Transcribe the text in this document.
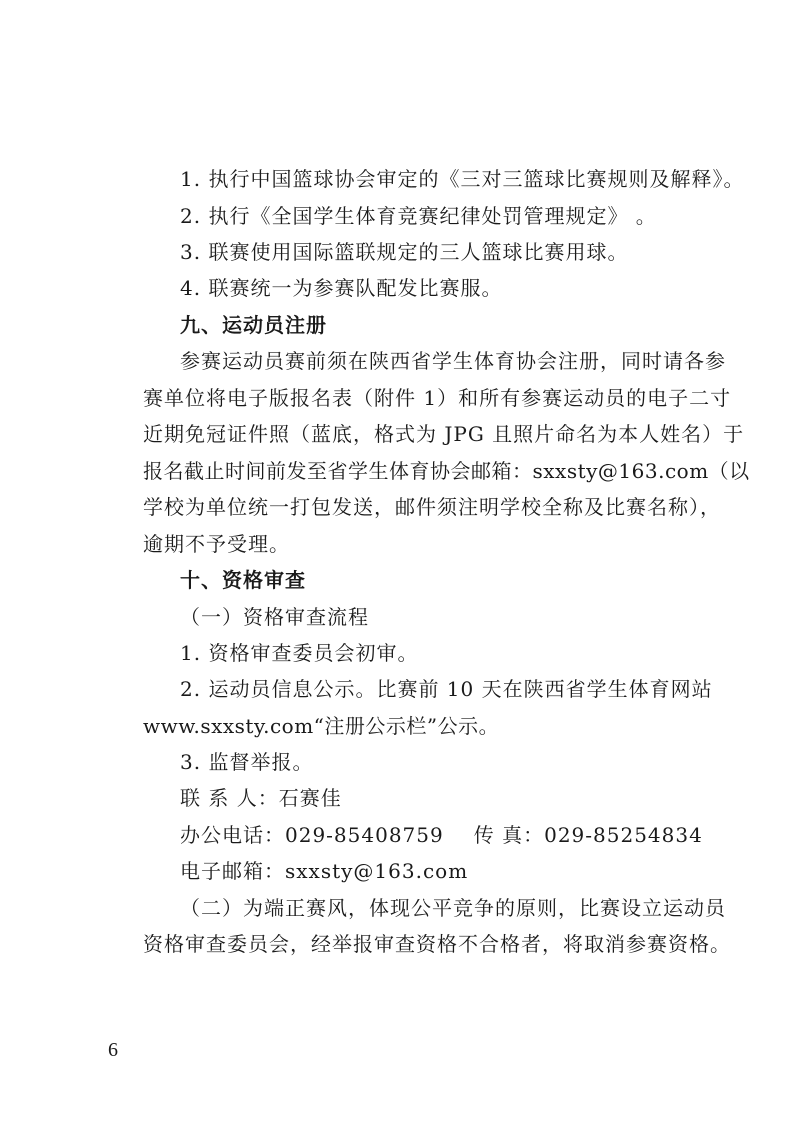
1. 执行中国篮球协会审定的《三对三篮球比赛规则及解释》。
2. 执行《全国学生体育竞赛纪律处罚管理规定》 。
3. 联赛使用国际篮联规定的三人篮球比赛用球。
4. 联赛统一为参赛队配发比赛服。
九、运动员注册
参赛运动员赛前须在陕西省学生体育协会注册，同时请各参
赛单位将电子版报名表（附件 1）和所有参赛运动员的电子二寸
近期免冠证件照（蓝底，格式为 JPG 且照片命名为本人姓名）于
报名截止时间前发至省学生体育协会邮箱：sxxsty@163.com（以
学校为单位统一打包发送，邮件须注明学校全称及比赛名称），
逾期不予受理。
十、资格审查
（一）资格审查流程
1. 资格审查委员会初审。
2. 运动员信息公示。比赛前 10 天在陕西省学生体育网站
www.sxxsty.com“注册公示栏”公示。
3. 监督举报。
联 系 人：石赛佳
办公电话：029-85408759 传 真：029-85254834
电子邮箱：sxxsty@163.com
（二）为端正赛风，体现公平竞争的原则，比赛设立运动员
资格审查委员会，经举报审查资格不合格者，将取消参赛资格。
6
